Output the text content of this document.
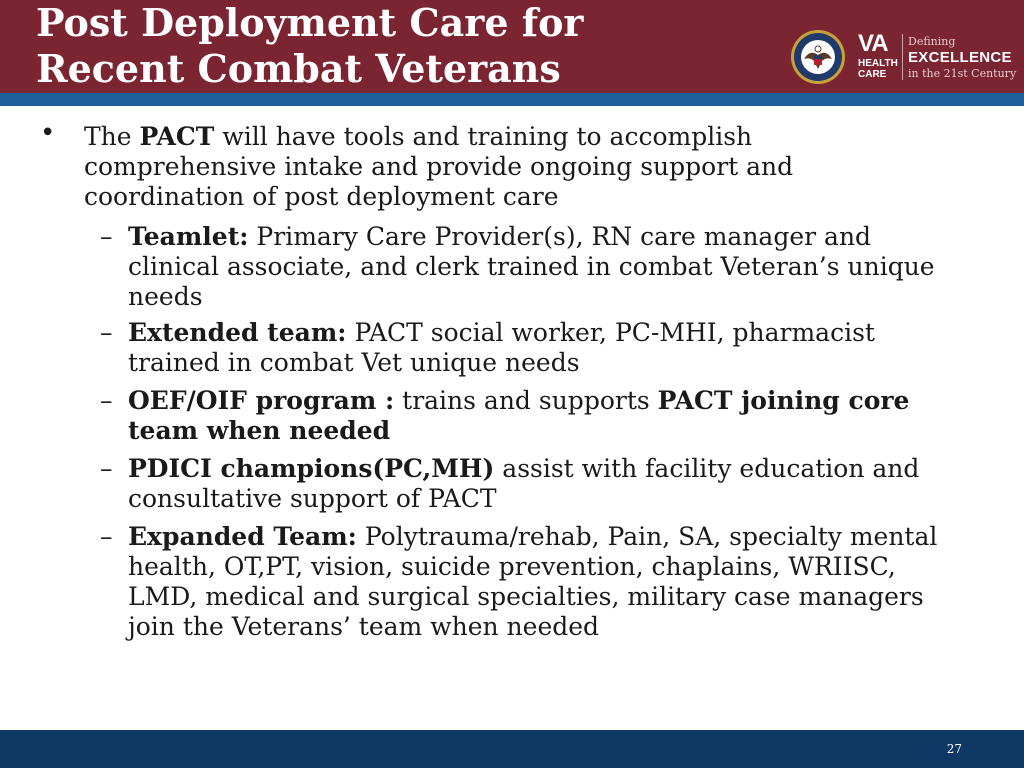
Post Deployment Care for
Recent Combat Veterans
VA
HEALTH
CARE
Defining
EXCELLENCE
in the 21st Century
• The PACT will have tools and training to accomplish comprehensive intake and provide ongoing support and coordination of post deployment care
– Teamlet: Primary Care Provider(s), RN care manager and clinical associate, and clerk trained in combat Veteran’s unique needs
– Extended team: PACT social worker, PC-MHI, pharmacist trained in combat Vet unique needs
– OEF/OIF program : trains and supports PACT joining core team when needed
– PDICI champions(PC,MH) assist with facility education and consultative support of PACT
– Expanded Team: Polytrauma/rehab, Pain, SA, specialty mental health, OT,PT, vision, suicide prevention, chaplains, WRIISC, LMD, medical and surgical specialties, military case managers join the Veterans’ team when needed
27
